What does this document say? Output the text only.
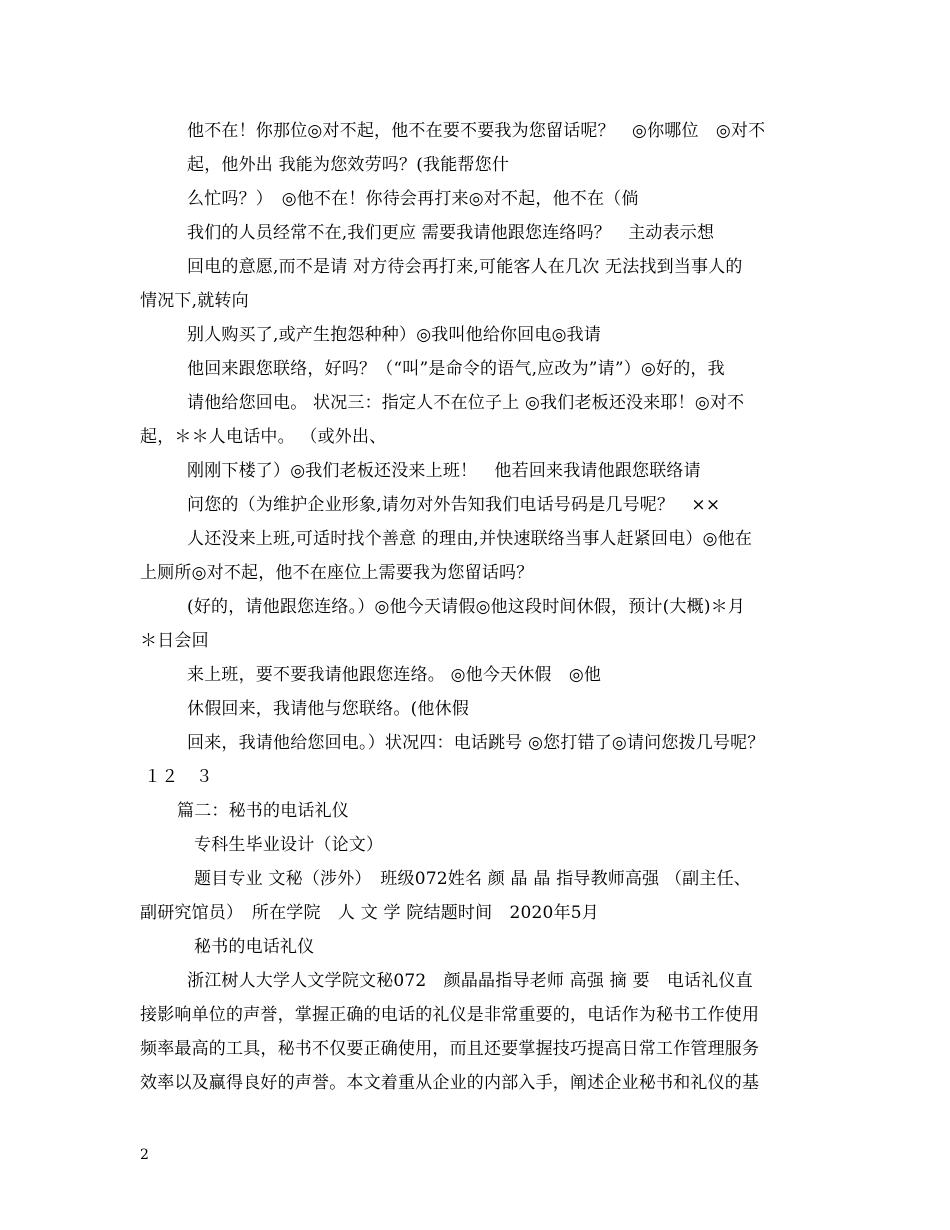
他不在！你那位◎对不起，他不在要不要我为您留话呢？　◎你哪位　◎对不
起，他外出 我能为您效劳吗？(我能帮您什
么忙吗？）　◎他不在！你待会再打来◎对不起，他不在（倘
我们的人员经常不在,我们更应 需要我请他跟您连络吗？　主动表示想
回电的意愿,而不是请 对方待会再打来,可能客人在几次 无法找到当事人的
情况下,就转向
别人购买了,或产生抱怨种种）◎我叫他给你回电◎我请
他回来跟您联络，好吗？（“叫”是命令的语气,应改为”请”）◎好的，我
请他给您回电。 状况三：指定人不在位子上 ◎我们老板还没来耶！◎对不
起，＊＊人电话中。 （或外出、
刚刚下楼了）◎我们老板还没来上班！　他若回来我请他跟您联络请
问您的（为维护企业形象,请勿对外告知我们电话号码是几号呢？　××
人还没来上班,可适时找个善意 的理由,并快速联络当事人赶紧回电）◎他在
上厕所◎对不起，他不在座位上需要我为您留话吗？
(好的，请他跟您连络。）◎他今天请假◎他这段时间休假，预计(大概)＊月
＊日会回
来上班，要不要我请他跟您连络。 ◎他今天休假　◎他
休假回来，我请他与您联络。(他休假
回来，我请他给您回电。）状况四：电话跳号 ◎您打错了◎请问您拨几号呢？
１２　３
篇二：秘书的电话礼仪
专科生毕业设计（论文）
题目专业 文秘（涉外）　班级072姓名 颜 晶 晶 指导教师高强 （副主任、
副研究馆员）　所在学院　人 文 学 院结题时间　2020年5月
秘书的电话礼仪
浙江树人大学人文学院文秘072　颜晶晶指导老师 高强 摘 要　电话礼仪直
接影响单位的声誉，掌握正确的电话的礼仪是非常重要的，电话作为秘书工作使用
频率最高的工具，秘书不仅要正确使用，而且还要掌握技巧提高日常工作管理服务
效率以及赢得良好的声誉。本文着重从企业的内部入手，阐述企业秘书和礼仪的基
2
